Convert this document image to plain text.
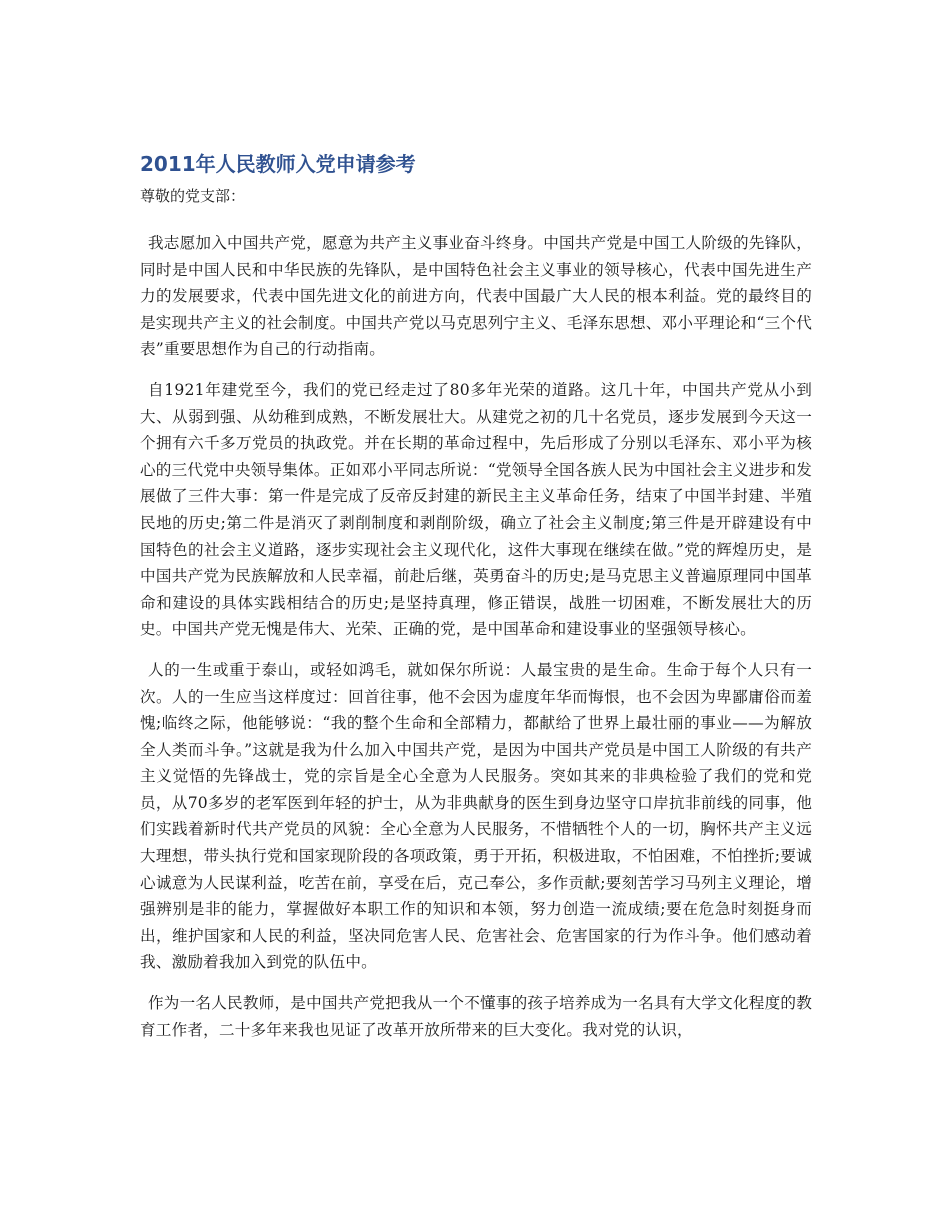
2011年人民教师入党申请参考

尊敬的党支部：

我志愿加入中国共产党，愿意为共产主义事业奋斗终身。中国共产党是中国工人阶级的先锋队，同时是中国人民和中华民族的先锋队，是中国特色社会主义事业的领导核心，代表中国先进生产力的发展要求，代表中国先进文化的前进方向，代表中国最广大人民的根本利益。党的最终目的是实现共产主义的社会制度。中国共产党以马克思列宁主义、毛泽东思想、邓小平理论和“三个代表”重要思想作为自己的行动指南。

自1921年建党至今，我们的党已经走过了80多年光荣的道路。这几十年，中国共产党从小到大、从弱到强、从幼稚到成熟，不断发展壮大。从建党之初的几十名党员，逐步发展到今天这一个拥有六千多万党员的执政党。并在长期的革命过程中，先后形成了分别以毛泽东、邓小平为核心的三代党中央领导集体。正如邓小平同志所说：“党领导全国各族人民为中国社会主义进步和发展做了三件大事：第一件是完成了反帝反封建的新民主主义革命任务，结束了中国半封建、半殖民地的历史;第二件是消灭了剥削制度和剥削阶级，确立了社会主义制度;第三件是开辟建设有中国特色的社会主义道路，逐步实现社会主义现代化，这件大事现在继续在做。”党的辉煌历史，是中国共产党为民族解放和人民幸福，前赴后继，英勇奋斗的历史;是马克思主义普遍原理同中国革命和建设的具体实践相结合的历史;是坚持真理，修正错误，战胜一切困难，不断发展壮大的历史。中国共产党无愧是伟大、光荣、正确的党，是中国革命和建设事业的坚强领导核心。

人的一生或重于泰山，或轻如鸿毛，就如保尔所说：人最宝贵的是生命。生命于每个人只有一次。人的一生应当这样度过：回首往事，他不会因为虚度年华而悔恨，也不会因为卑鄙庸俗而羞愧;临终之际，他能够说：“我的整个生命和全部精力，都献给了世界上最壮丽的事业——为解放全人类而斗争。”这就是我为什么加入中国共产党，是因为中国共产党员是中国工人阶级的有共产主义觉悟的先锋战士，党的宗旨是全心全意为人民服务。突如其来的非典检验了我们的党和党员，从70多岁的老军医到年轻的护士，从为非典献身的医生到身边坚守口岸抗非前线的同事，他们实践着新时代共产党员的风貌：全心全意为人民服务，不惜牺牲个人的一切，胸怀共产主义远大理想，带头执行党和国家现阶段的各项政策，勇于开拓，积极进取，不怕困难，不怕挫折;要诚心诚意为人民谋利益，吃苦在前，享受在后，克己奉公，多作贡献;要刻苦学习马列主义理论，增强辨别是非的能力，掌握做好本职工作的知识和本领，努力创造一流成绩;要在危急时刻挺身而出，维护国家和人民的利益，坚决同危害人民、危害社会、危害国家的行为作斗争。他们感动着我、激励着我加入到党的队伍中。

作为一名人民教师，是中国共产党把我从一个不懂事的孩子培养成为一名具有大学文化程度的教育工作者，二十多年来我也见证了改革开放所带来的巨大变化。我对党的认识，
